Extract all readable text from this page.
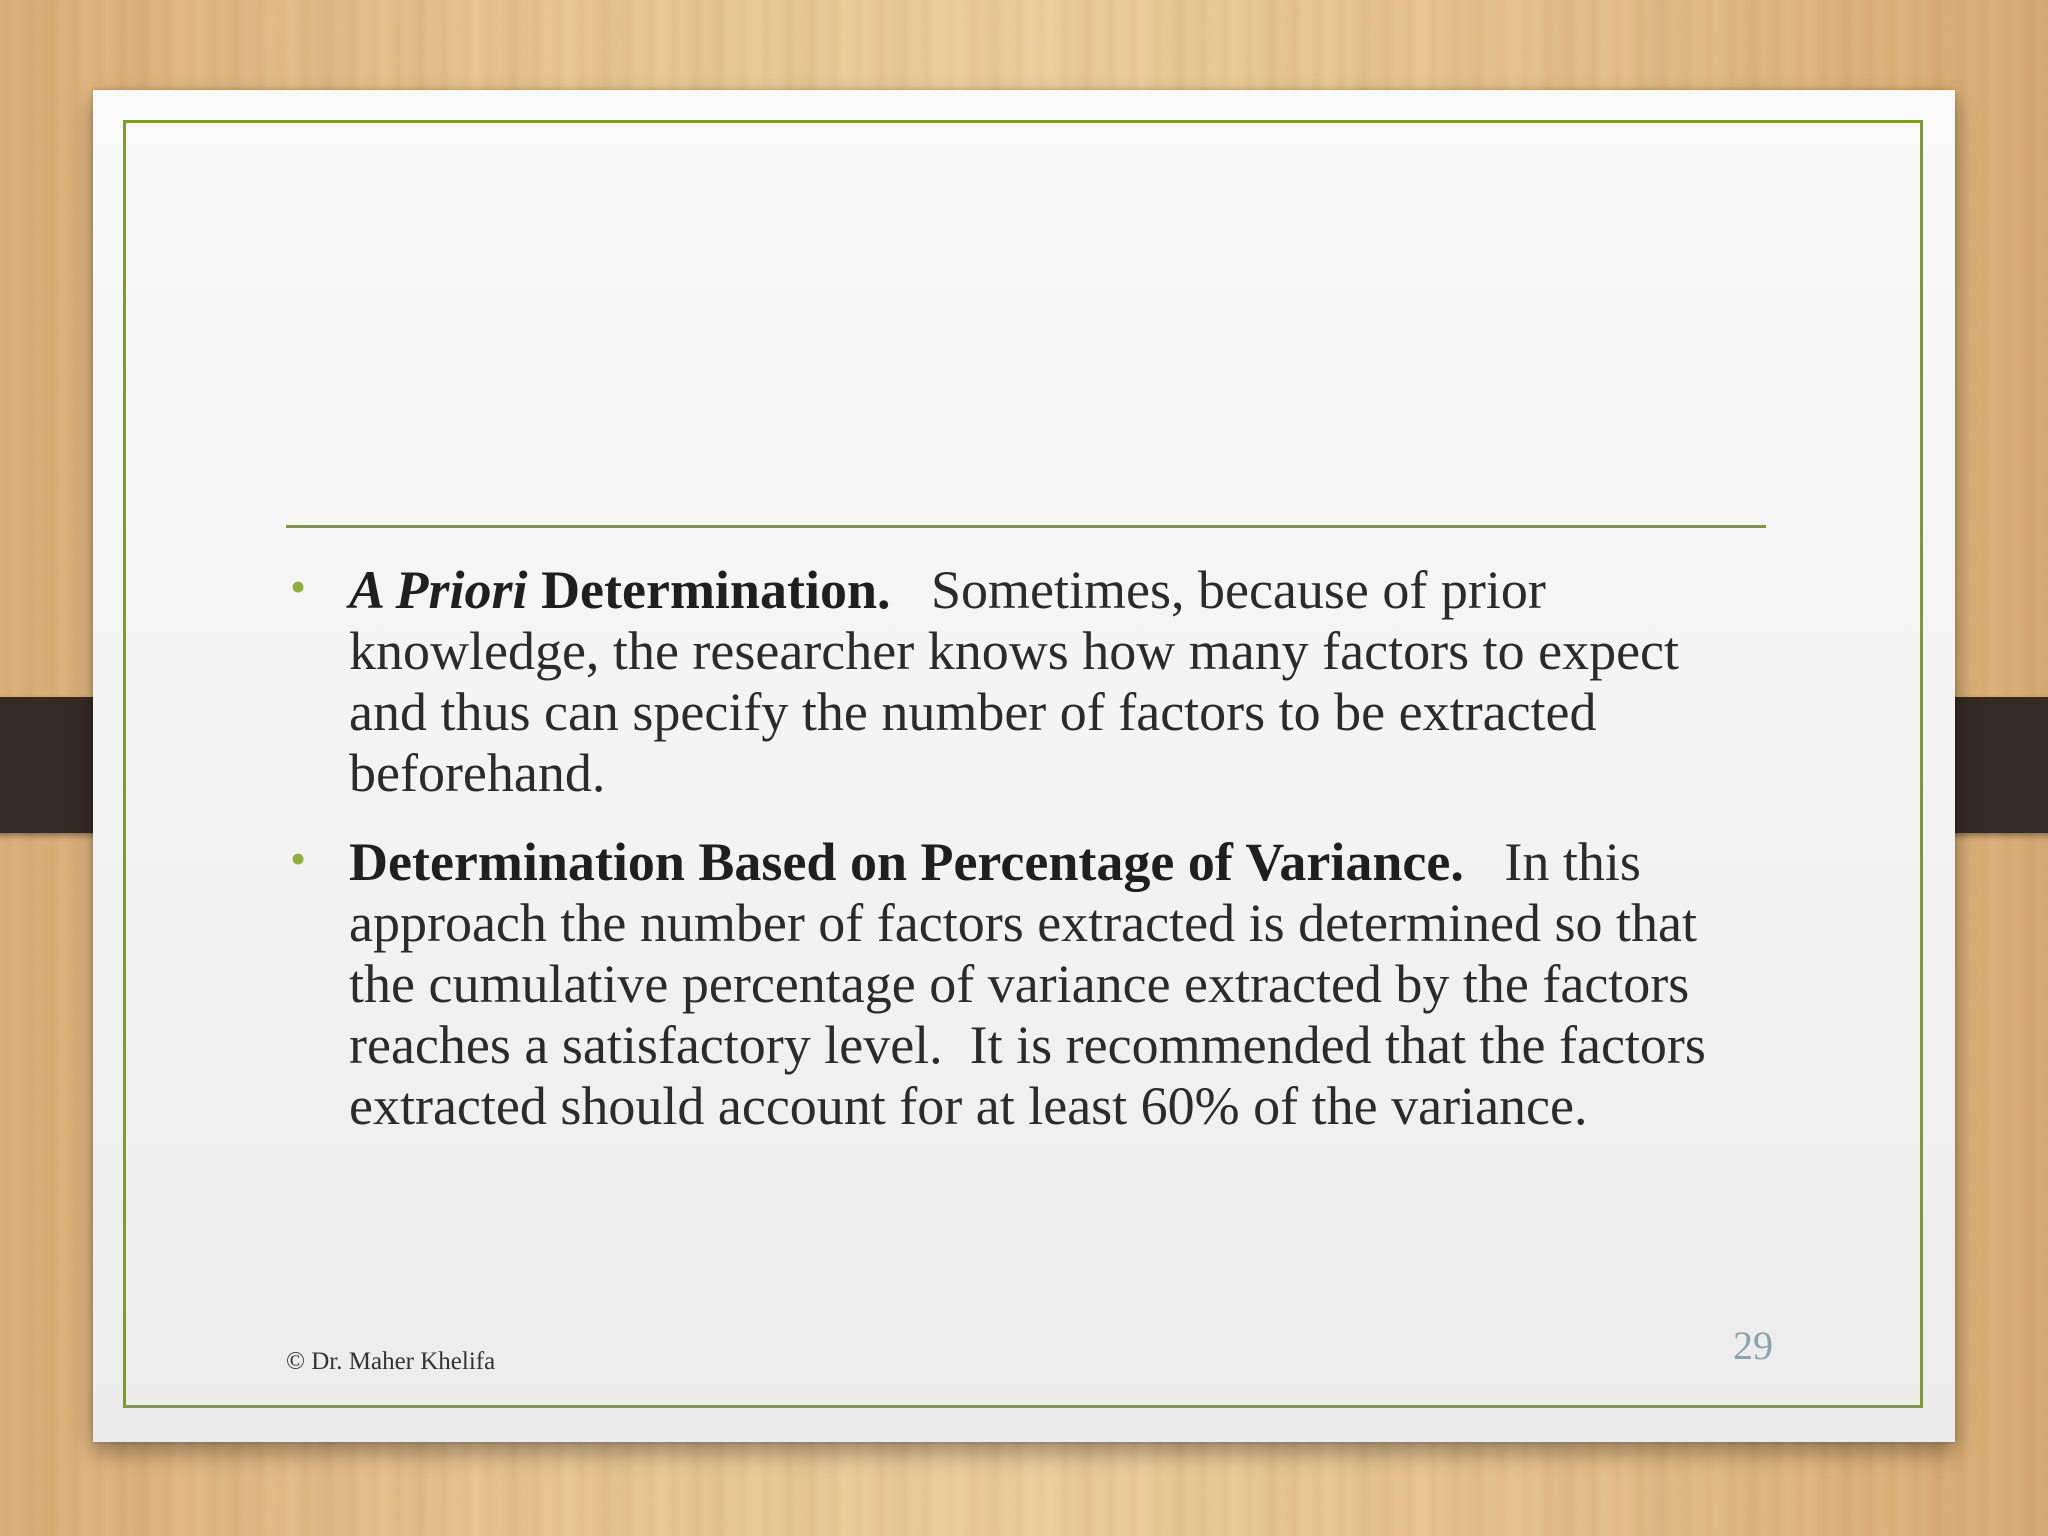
• A Priori Determination.   Sometimes, because of prior knowledge, the researcher knows how many factors to expect and thus can specify the number of factors to be extracted beforehand.
• Determination Based on Percentage of Variance.   In this approach the number of factors extracted is determined so that the cumulative percentage of variance extracted by the factors reaches a satisfactory level.  It is recommended that the factors extracted should account for at least 60% of the variance.
© Dr. Maher Khelifa	29
